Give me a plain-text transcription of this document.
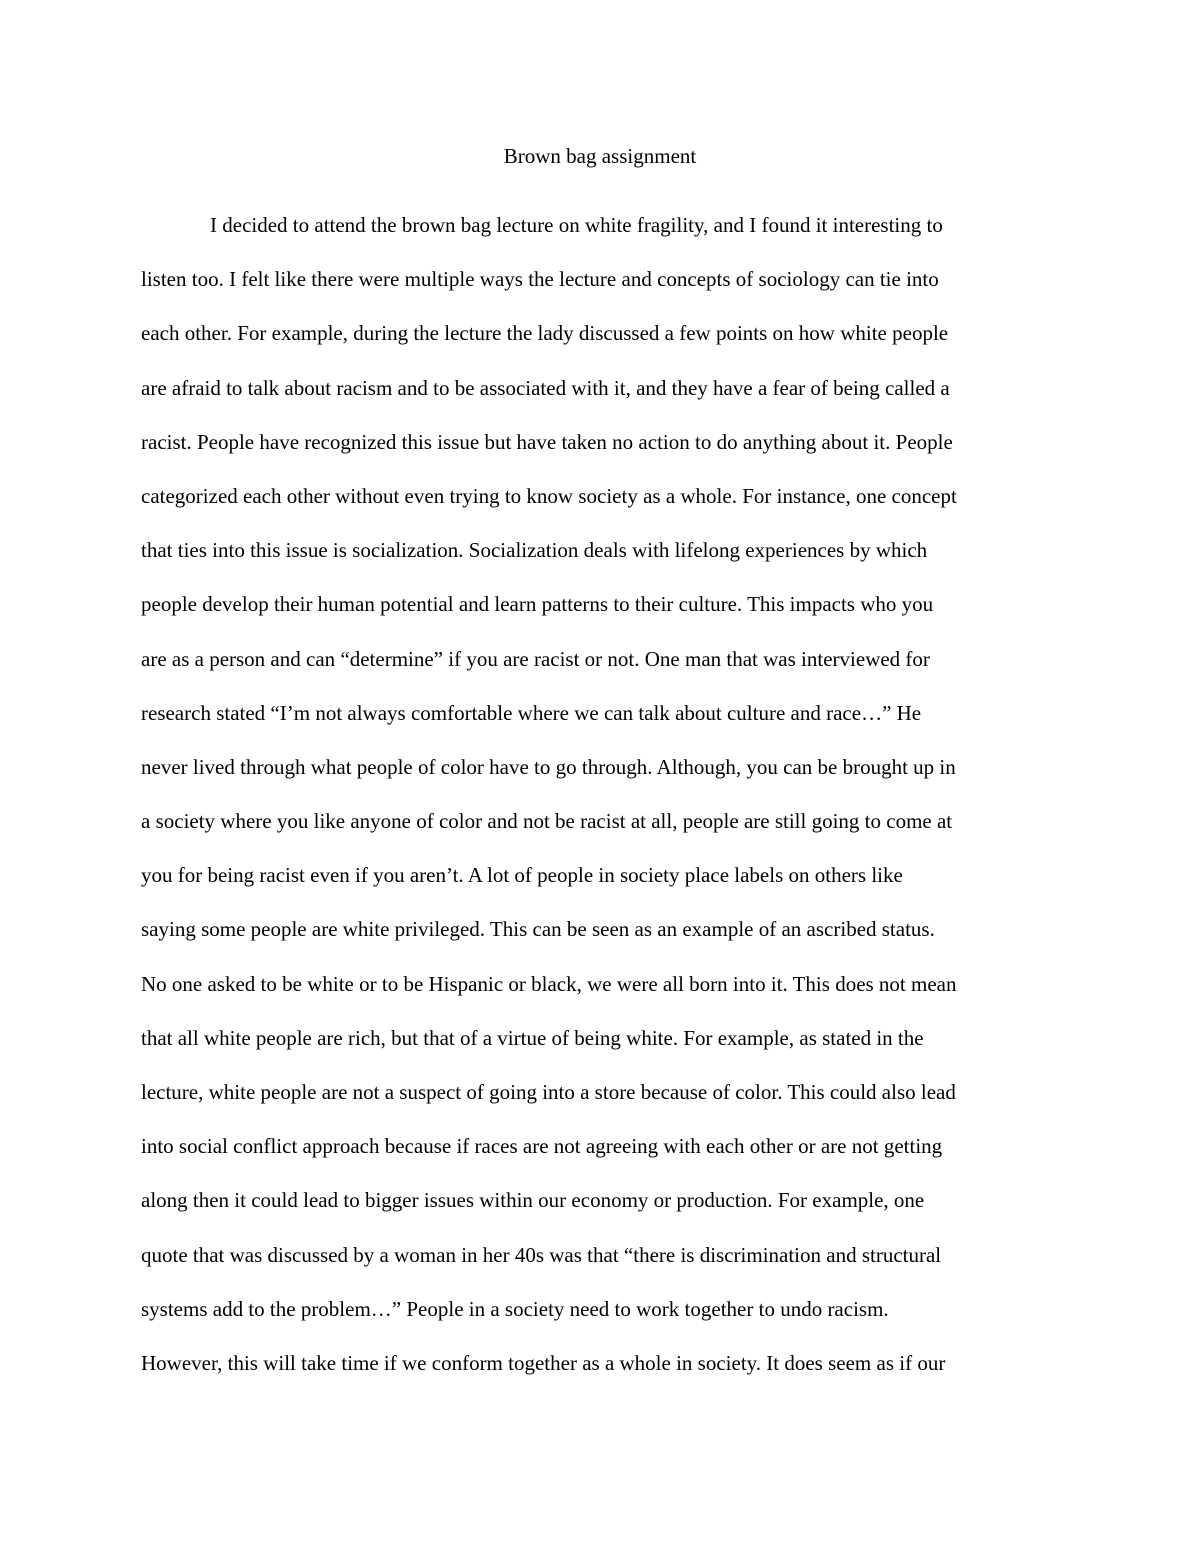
Brown bag assignment
I decided to attend the brown bag lecture on white fragility, and I found it interesting to
listen too. I felt like there were multiple ways the lecture and concepts of sociology can tie into
each other. For example, during the lecture the lady discussed a few points on how white people
are afraid to talk about racism and to be associated with it, and they have a fear of being called a
racist. People have recognized this issue but have taken no action to do anything about it. People
categorized each other without even trying to know society as a whole. For instance, one concept
that ties into this issue is socialization. Socialization deals with lifelong experiences by which
people develop their human potential and learn patterns to their culture. This impacts who you
are as a person and can “determine” if you are racist or not. One man that was interviewed for
research stated “I’m not always comfortable where we can talk about culture and race…” He
never lived through what people of color have to go through. Although, you can be brought up in
a society where you like anyone of color and not be racist at all, people are still going to come at
you for being racist even if you aren’t. A lot of people in society place labels on others like
saying some people are white privileged. This can be seen as an example of an ascribed status.
No one asked to be white or to be Hispanic or black, we were all born into it. This does not mean
that all white people are rich, but that of a virtue of being white. For example, as stated in the
lecture, white people are not a suspect of going into a store because of color. This could also lead
into social conflict approach because if races are not agreeing with each other or are not getting
along then it could lead to bigger issues within our economy or production. For example, one
quote that was discussed by a woman in her 40s was that “there is discrimination and structural
systems add to the problem…” People in a society need to work together to undo racism.
However, this will take time if we conform together as a whole in society. It does seem as if our
